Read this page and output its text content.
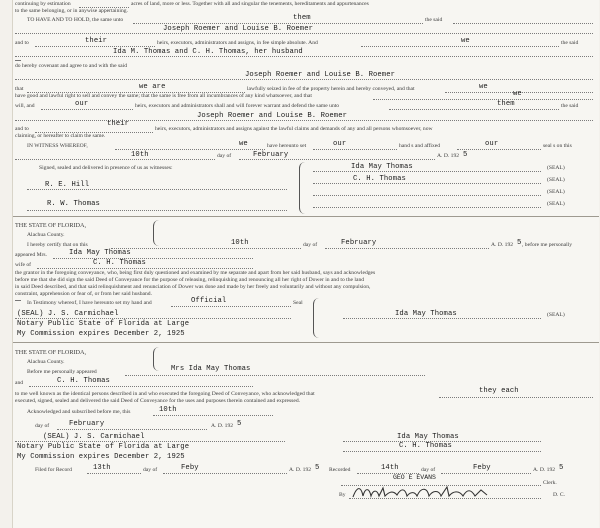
continuing by estimation	acres of land, more or less. Together with all and singular the tenements, hereditaments and appurtenances
to the same belonging, or in anywise appertaining.
TO HAVE AND TO HOLD, the same unto	them	the said
Joseph Roemer and Louise B. Roemer
and to	their	heirs, executors, administrators and assigns, in fee simple absolute. And	we	the said
Ida M. Thomas and C. H. Thomas, her husband
do hereby covenant and agree to and with the said
Joseph Roemer and Louise B. Roemer
that	we are	lawfully seized in fee of the property herein and hereby conveyed, and that	we
have good and lawful right to sell and convey the same; that the same is free from all incumbrances of any kind whatsoever, and that	we
will, and	our	heirs, executors and administrators shall and will forever warrant and defend the same unto	them	the said
Joseph Roemer and Louise B. Roemer
and to
their
heirs, executors, administrators and assigns against the lawful claims and demands of any and all persons whomsoever, now
claiming, or hereafter to claim the same.
IN WITNESS WHEREOF,	we	have hereunto set	our	hand s and affixed	our	seal s on this
10th	day of	February	A. D. 192 5
Signed, sealed and delivered in presence of us as witnesses:
R. E. Hill
R. W. Thomas
Ida May Thomas	(SEAL)
C. H. Thomas	(SEAL)
(SEAL)
(SEAL)
THE STATE OF FLORIDA,
Alachua County.
I hereby certify that on this	10th	day of	February	A. D. 192 5 , before me personally
appeared Mrs.	Ida May Thomas
wife of	C. H. Thomas
the grantor in the foregoing conveyance, who, being first duly questioned and examined by me separate and apart from her said husband, says and acknowledges
before me that she did sign the said Deed of Conveyance for the purpose of releasing, relinquishing and renouncing all her right of Dower in and to the land
in said Deed described, and that said relinquishment and renunciation of Dower was done and made by her freely and voluntarily and without any compulsion,
constraint, apprehension or fear of, or from her said husband.
In Testimony whereof, I have hereunto set my hand and	Official	Seal
(SEAL) J. S. Carmichael
Notary Public State of Florida at Large
My Commission expires December 2, 1925
Ida May Thomas	(SEAL)
THE STATE OF FLORIDA,
Alachua County.
Before me personally appeared	Mrs Ida May Thomas
and	C. H. Thomas
to me well known as the identical persons described in and who executed the foregoing Deed of Conveyance, who acknowledged that	they each
executed, signed, sealed and delivered the said Deed of Conveyance for the uses and purposes therein contained and expressed.
Acknowledged and subscribed before me, this	10th
day of	February	A. D. 192 5
(SEAL) J. S. Carmichael
Notary Public State of Florida at Large
My Commission expires December 2, 1925
Ida May Thomas
C. H. Thomas
Filed for Record	13th	day of	Feby	A. D. 192 5 Recorded	14th	day of	Feby	A. D. 192 5
GEO E EVANS
Clerk.
By	D. C.
